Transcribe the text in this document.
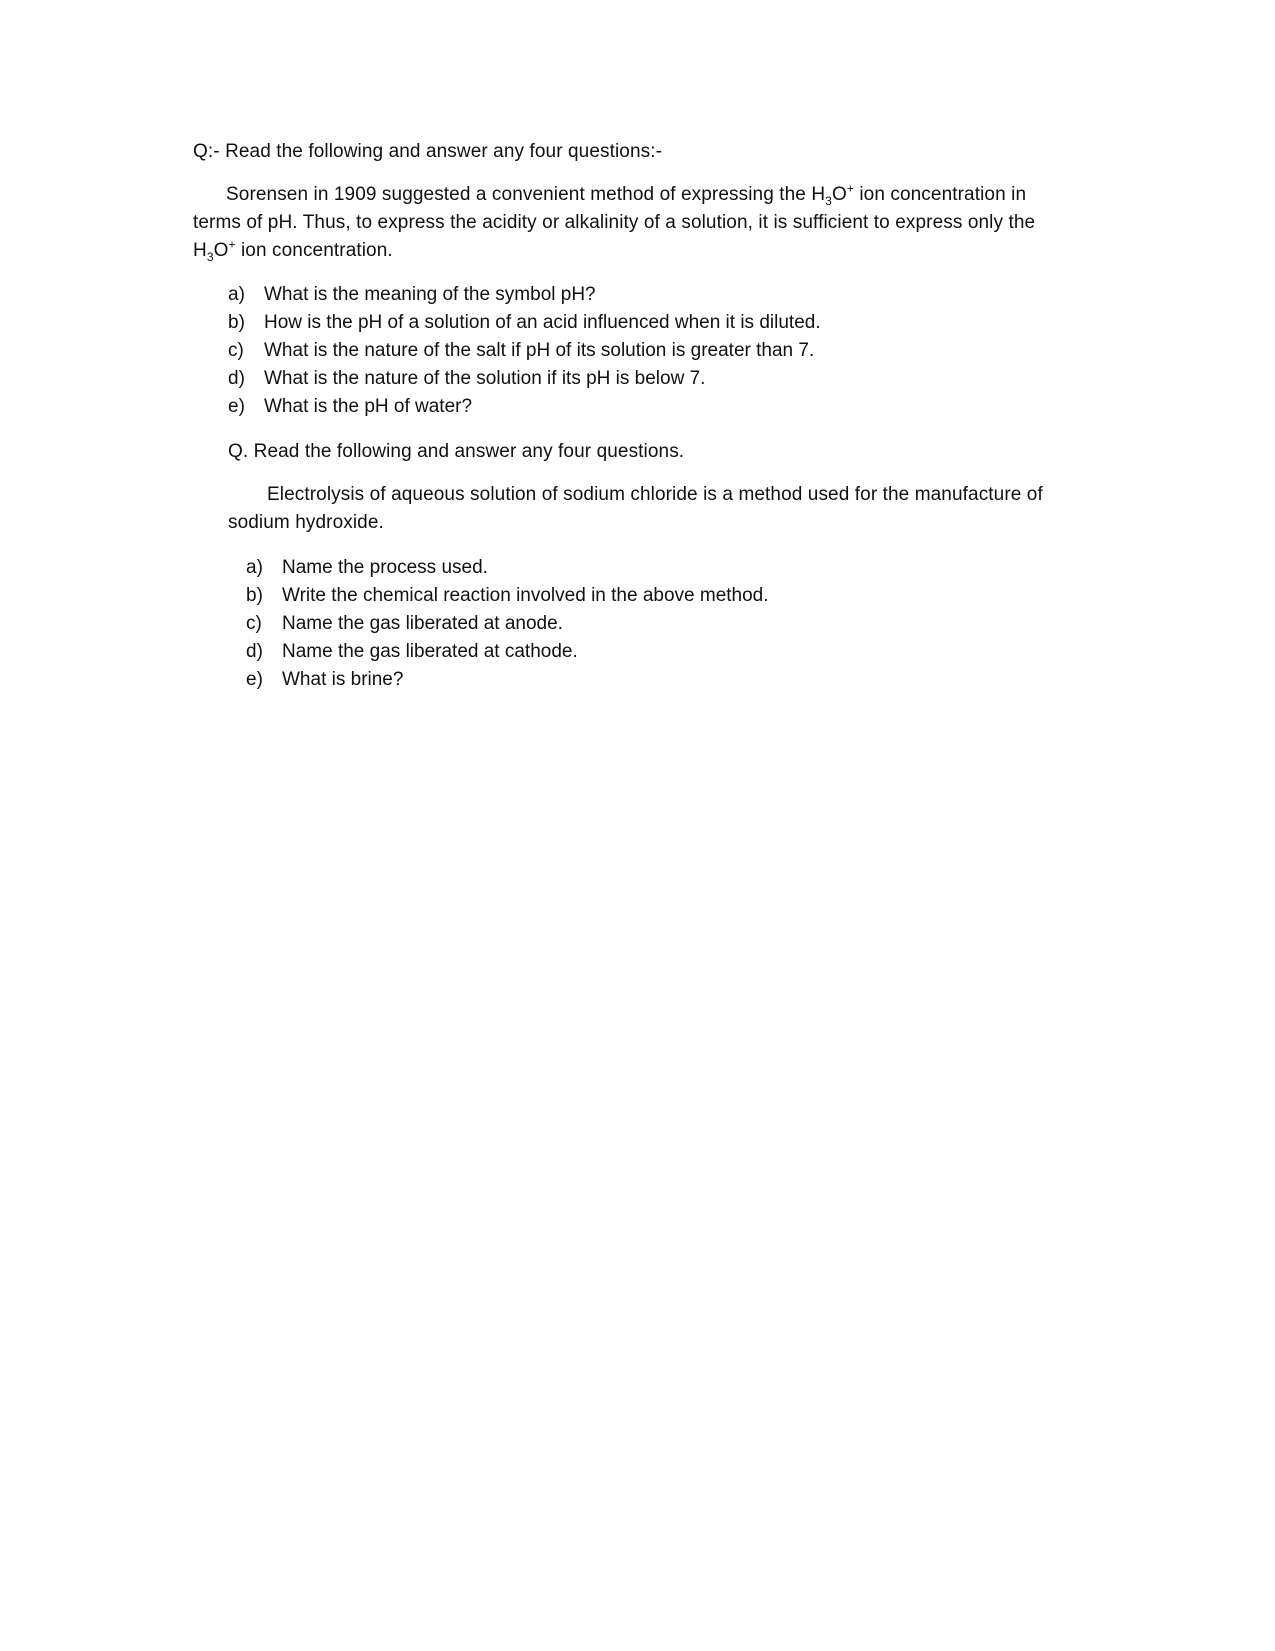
Q:- Read the following and answer any four questions:-
Sorensen in 1909 suggested a convenient method of expressing the $H_3O^+$ ion concentration in
terms of pH. Thus, to express the acidity or alkalinity of a solution, it is sufficient to express only the
$H_3O^+$ ion concentration.
a) What is the meaning of the symbol pH?
b) How is the pH of a solution of an acid influenced when it is diluted.
c) What is the nature of the salt if pH of its solution is greater than 7.
d) What is the nature of the solution if its pH is below 7.
e) What is the pH of water?
Q. Read the following and answer any four questions.
Electrolysis of aqueous solution of sodium chloride is a method used for the manufacture of
sodium hydroxide.
a) Name the process used.
b) Write the chemical reaction involved in the above method.
c) Name the gas liberated at anode.
d) Name the gas liberated at cathode.
e) What is brine?
